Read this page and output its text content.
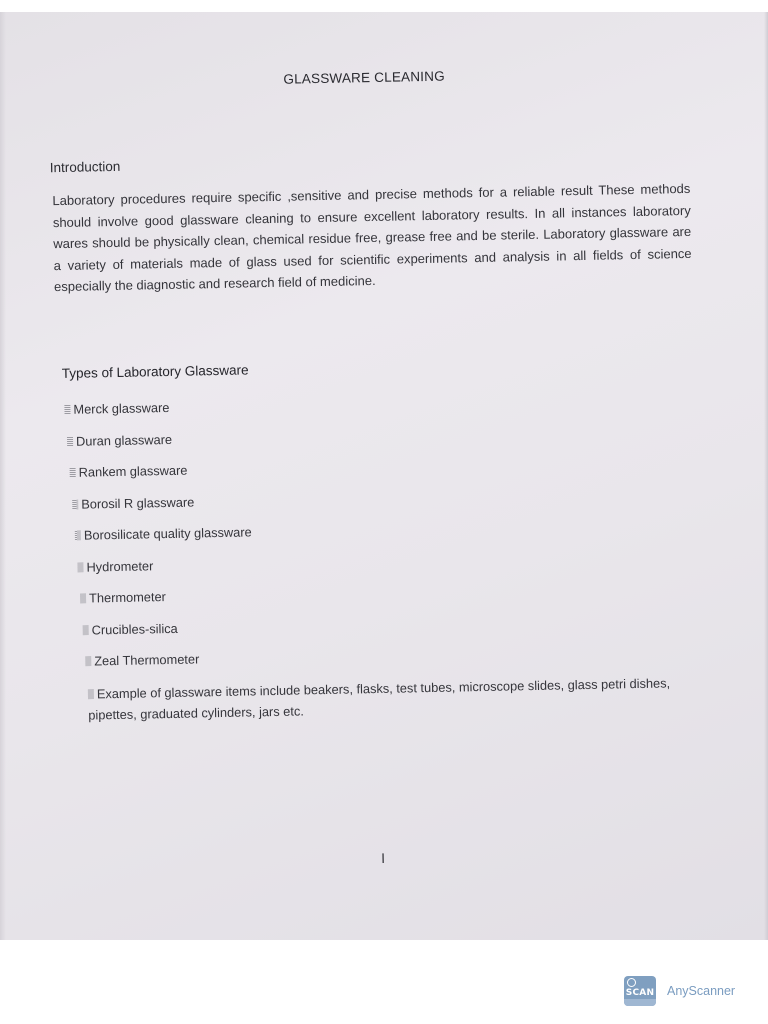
GLASSWARE CLEANING
Introduction
Laboratory procedures require specific ,sensitive and precise methods for a reliable result These methods should involve good glassware cleaning to ensure excellent laboratory results. In all instances laboratory wares should be physically clean, chemical residue free, grease free and be sterile. Laboratory glassware are a variety of materials made of glass used for scientific experiments and analysis in all fields of science especially the diagnostic and research field of medicine.
Types of Laboratory Glassware
Merck glassware
Duran glassware
Rankem glassware
Borosil R glassware
Borosilicate quality glassware
Hydrometer
Thermometer
Crucibles-silica
Zeal Thermometer
Example of glassware items include beakers, flasks, test tubes, microscope slides, glass petri dishes, pipettes, graduated cylinders, jars etc.
I
SCAN AnyScanner
